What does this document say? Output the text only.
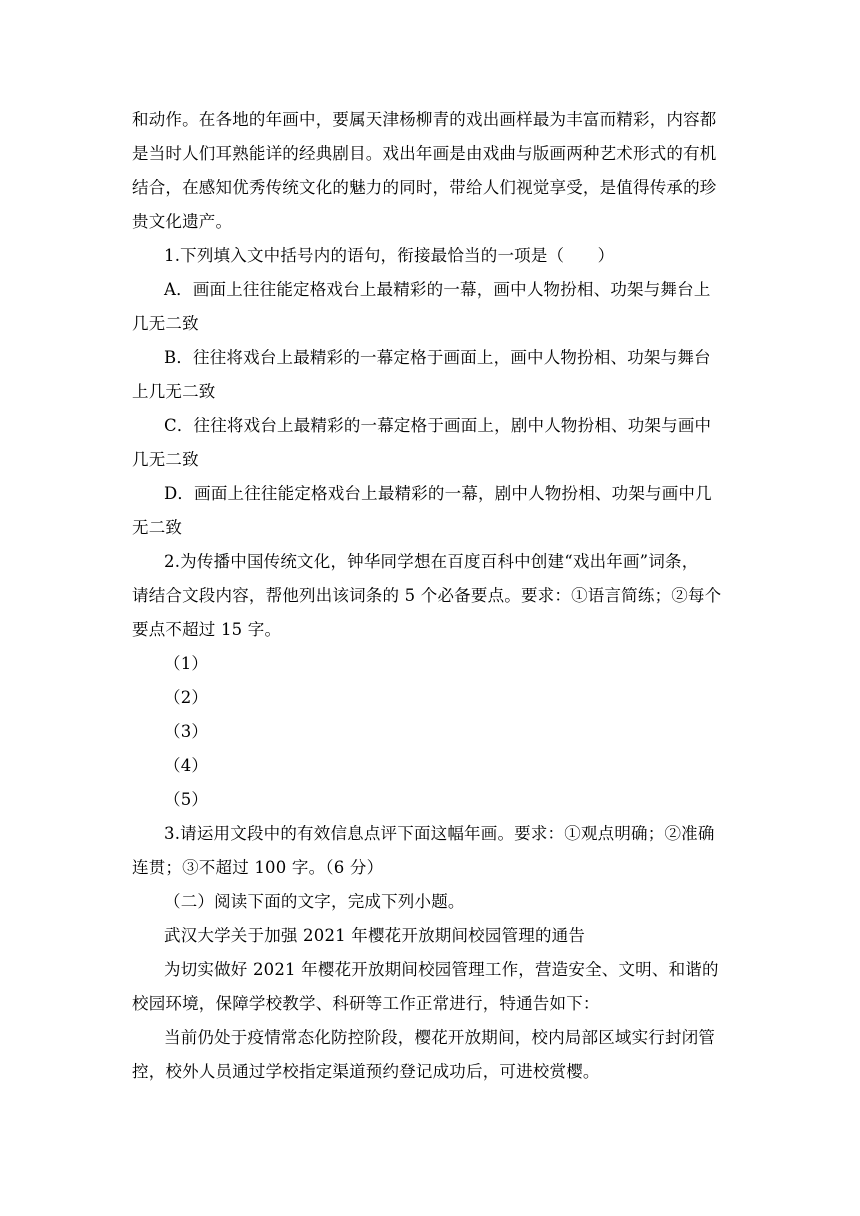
和动作。在各地的年画中，要属天津杨柳青的戏出画样最为丰富而精彩，内容都
是当时人们耳熟能详的经典剧目。戏出年画是由戏曲与版画两种艺术形式的有机
结合，在感知优秀传统文化的魅力的同时，带给人们视觉享受，是值得传承的珍
贵文化遗产。
1.下列填入文中括号内的语句，衔接最恰当的一项是（　　）
A．画面上往往能定格戏台上最精彩的一幕，画中人物扮相、功架与舞台上
几无二致
B．往往将戏台上最精彩的一幕定格于画面上，画中人物扮相、功架与舞台
上几无二致
C．往往将戏台上最精彩的一幕定格于画面上，剧中人物扮相、功架与画中
几无二致
D．画面上往往能定格戏台上最精彩的一幕，剧中人物扮相、功架与画中几
无二致
2.为传播中国传统文化，钟华同学想在百度百科中创建“戏出年画”词条，
请结合文段内容，帮他列出该词条的 5 个必备要点。要求：①语言简练；②每个
要点不超过 15 字。
（1）
（2）
（3）
（4）
（5）
3.请运用文段中的有效信息点评下面这幅年画。要求：①观点明确；②准确
连贯；③不超过 100 字。（6 分）
（二）阅读下面的文字，完成下列小题。
武汉大学关于加强 2021 年樱花开放期间校园管理的通告
为切实做好 2021 年樱花开放期间校园管理工作，营造安全、文明、和谐的
校园环境，保障学校教学、科研等工作正常进行，特通告如下：
当前仍处于疫情常态化防控阶段，樱花开放期间，校内局部区域实行封闭管
控，校外人员通过学校指定渠道预约登记成功后，可进校赏樱。
